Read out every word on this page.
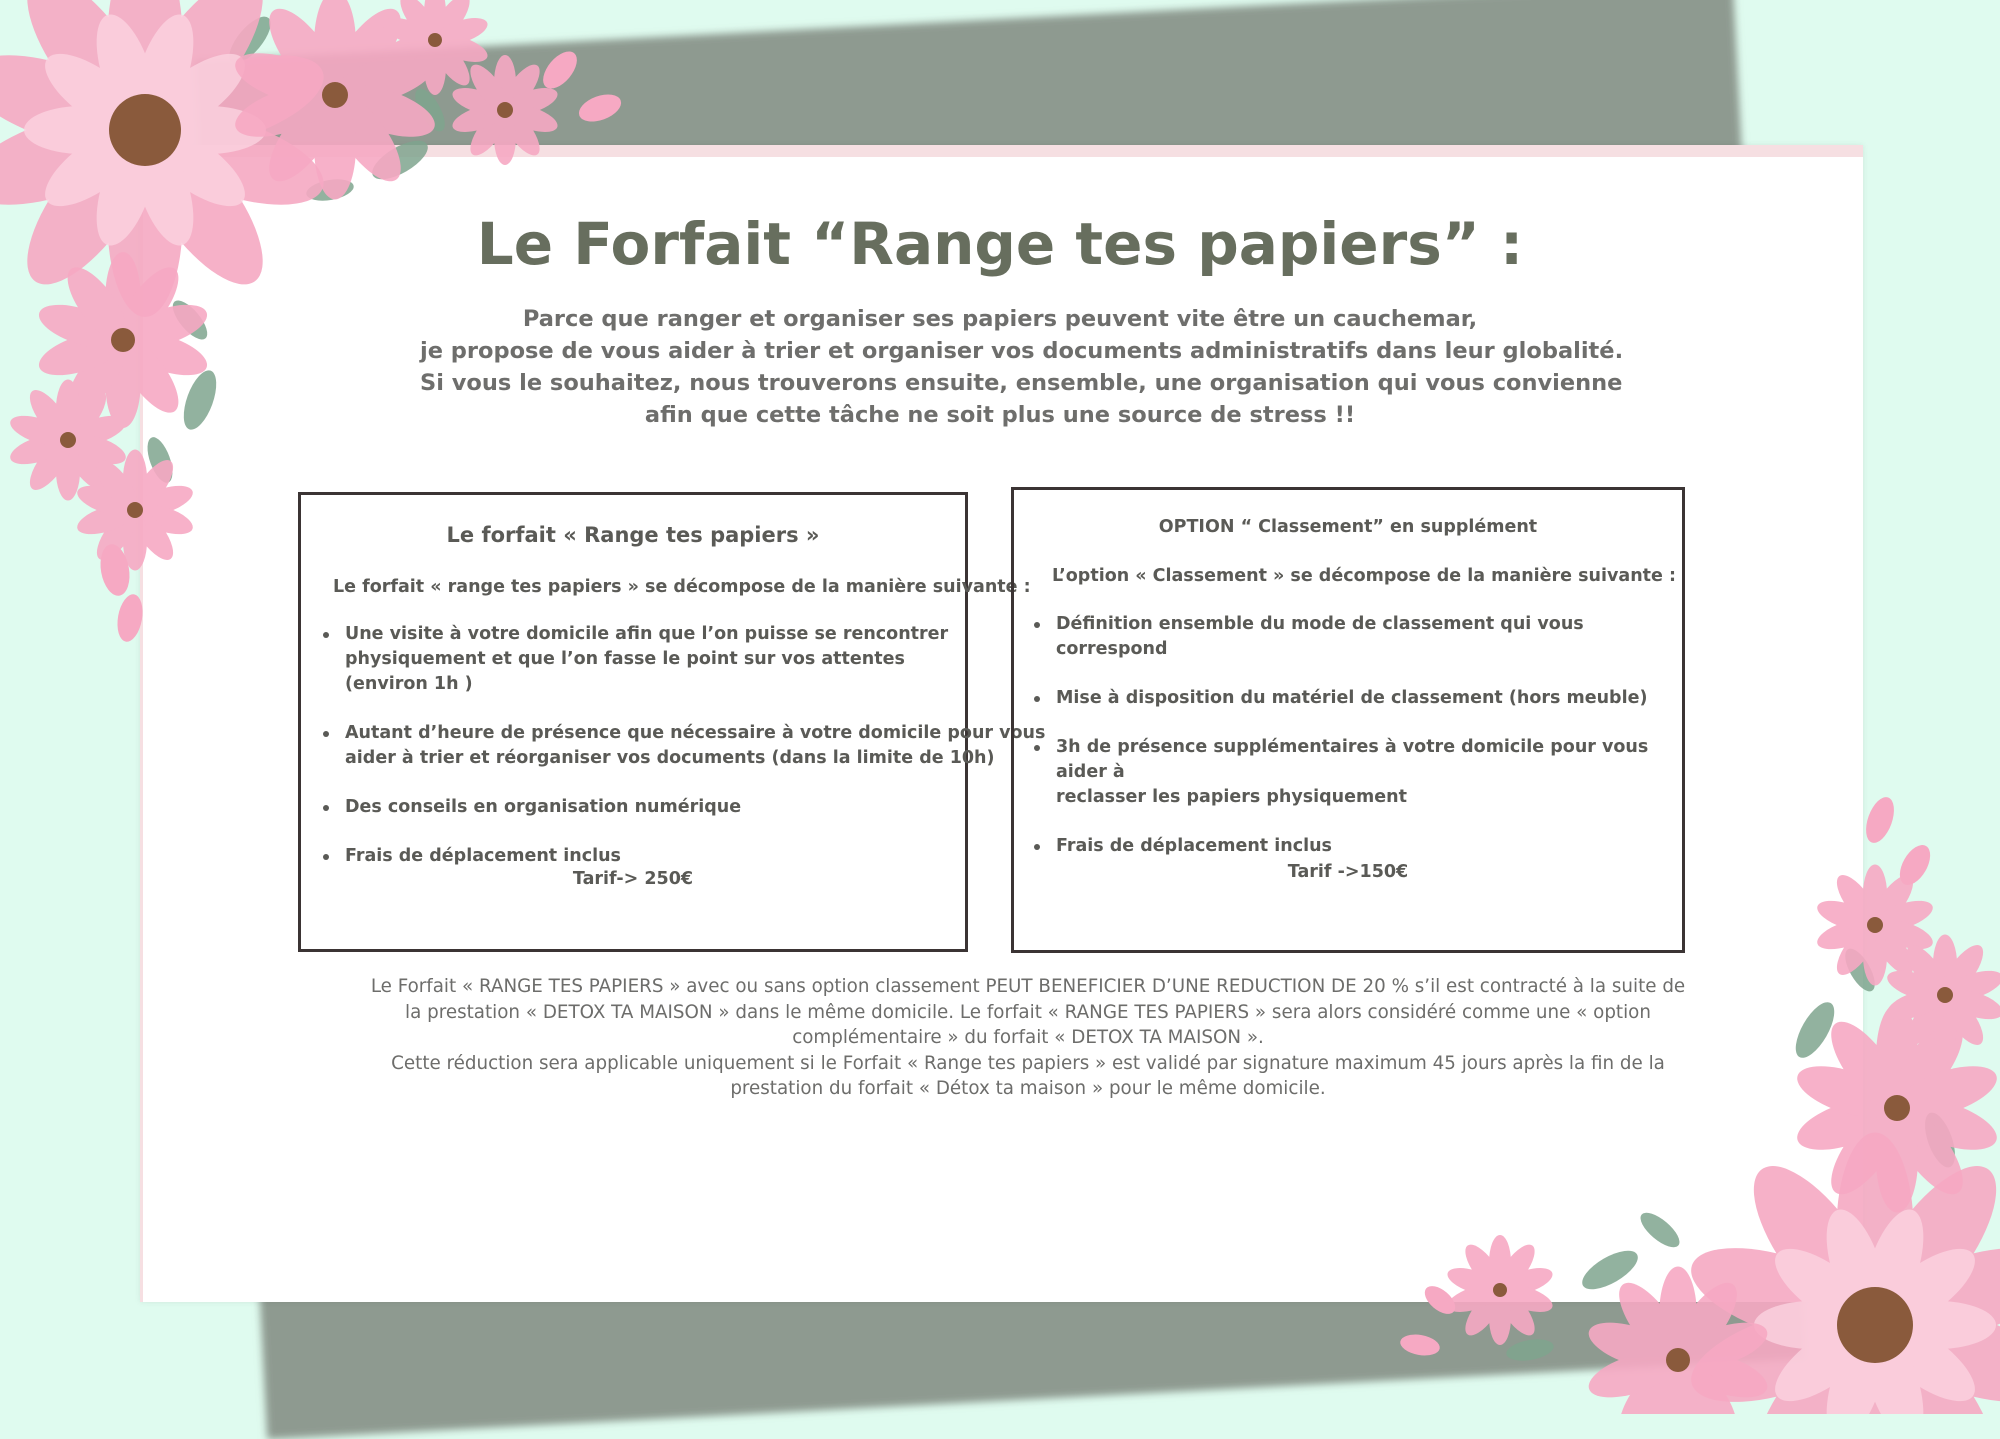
Le Forfait “Range tes papiers” :
Parce que ranger et organiser ses papiers peuvent vite être un cauchemar,
je propose de vous aider à trier et organiser vos documents administratifs dans leur globalité.
Si vous le souhaitez, nous trouverons ensuite, ensemble, une organisation qui vous convienne
afin que cette tâche ne soit plus une source de stress !!
Le forfait « Range tes papiers »
Le forfait « range tes papiers » se décompose de la manière suivante :
Une visite à votre domicile afin que l’on puisse se rencontrer
physiquement et que l’on fasse le point sur vos attentes (environ 1h )
Autant d’heure de présence que nécessaire à votre domicile pour vous
aider à trier et réorganiser vos documents (dans la limite de 10h)
Des conseils en organisation numérique
Frais de déplacement inclus
Tarif-> 250€
OPTION “ Classement” en supplément
L’option « Classement » se décompose de la manière suivante :
Définition ensemble du mode de classement qui vous correspond
Mise à disposition du matériel de classement (hors meuble)
3h de présence supplémentaires à votre domicile pour vous aider à
reclasser les papiers physiquement
Frais de déplacement inclus
Tarif ->150€
Le Forfait « RANGE TES PAPIERS » avec ou sans option classement PEUT BENEFICIER D’UNE REDUCTION DE 20 % s’il est contracté à la suite de
la prestation « DETOX TA MAISON » dans le même domicile. Le forfait « RANGE TES PAPIERS » sera alors considéré comme une « option
complémentaire » du forfait « DETOX TA MAISON ».
Cette réduction sera applicable uniquement si le Forfait « Range tes papiers » est validé par signature maximum 45 jours après la fin de la
prestation du forfait « Détox ta maison » pour le même domicile.
